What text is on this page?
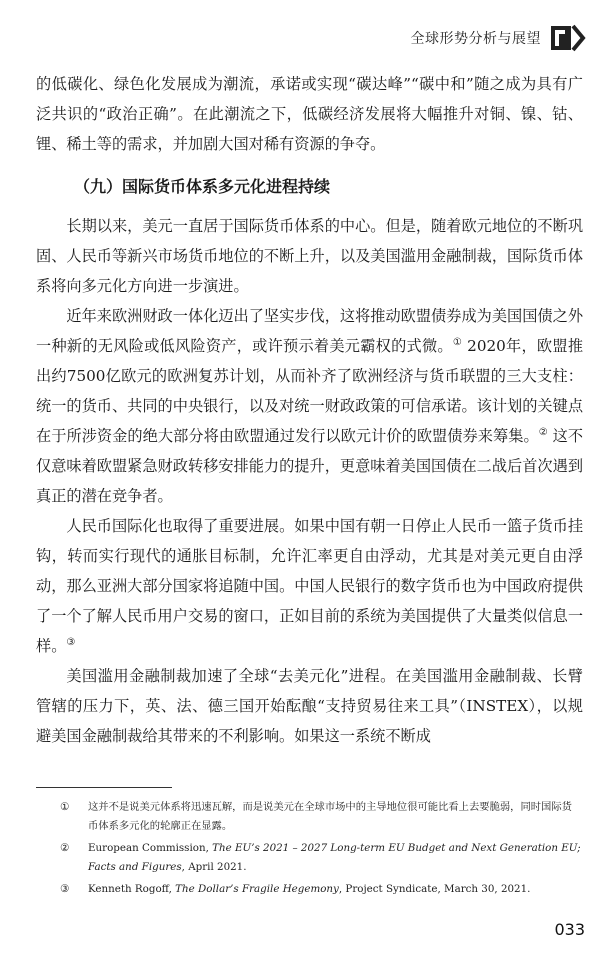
全球形势分析与展望

的低碳化、绿色化发展成为潮流，承诺或实现“碳达峰”“碳中和”随之成为具有广泛共识的“政治正确”。在此潮流之下，低碳经济发展将大幅推升对铜、镍、钴、锂、稀土等的需求，并加剧大国对稀有资源的争夺。

（九）国际货币体系多元化进程持续

长期以来，美元一直居于国际货币体系的中心。但是，随着欧元地位的不断巩固、人民币等新兴市场货币地位的不断上升，以及美国滥用金融制裁，国际货币体系将向多元化方向进一步演进。

近年来欧洲财政一体化迈出了坚实步伐，这将推动欧盟债券成为美国国债之外一种新的无风险或低风险资产，或许预示着美元霸权的式微。① 2020年，欧盟推出约7500亿欧元的欧洲复苏计划，从而补齐了欧洲经济与货币联盟的三大支柱：统一的货币、共同的中央银行，以及对统一财政政策的可信承诺。该计划的关键点在于所涉资金的绝大部分将由欧盟通过发行以欧元计价的欧盟债券来筹集。② 这不仅意味着欧盟紧急财政转移安排能力的提升，更意味着美国国债在二战后首次遇到真正的潜在竞争者。

人民币国际化也取得了重要进展。如果中国有朝一日停止人民币一篮子货币挂钩，转而实行现代的通胀目标制，允许汇率更自由浮动，尤其是对美元更自由浮动，那么亚洲大部分国家将追随中国。中国人民银行的数字货币也为中国政府提供了一个了解人民币用户交易的窗口，正如目前的系统为美国提供了大量类似信息一样。③

美国滥用金融制裁加速了全球“去美元化”进程。在美国滥用金融制裁、长臂管辖的压力下，英、法、德三国开始酝酿“支持贸易往来工具”（INSTEX），以规避美国金融制裁给其带来的不利影响。如果这一系统不断成

① 这并不是说美元体系将迅速瓦解，而是说美元在全球市场中的主导地位很可能比看上去要脆弱，同时国际货币体系多元化的轮廓正在显露。
② European Commission, The EU’s 2021 – 2027 Long-term EU Budget and Next Generation EU; Facts and Figures, April 2021.
③ Kenneth Rogoff, The Dollar’s Fragile Hegemony, Project Syndicate, March 30, 2021.
033
